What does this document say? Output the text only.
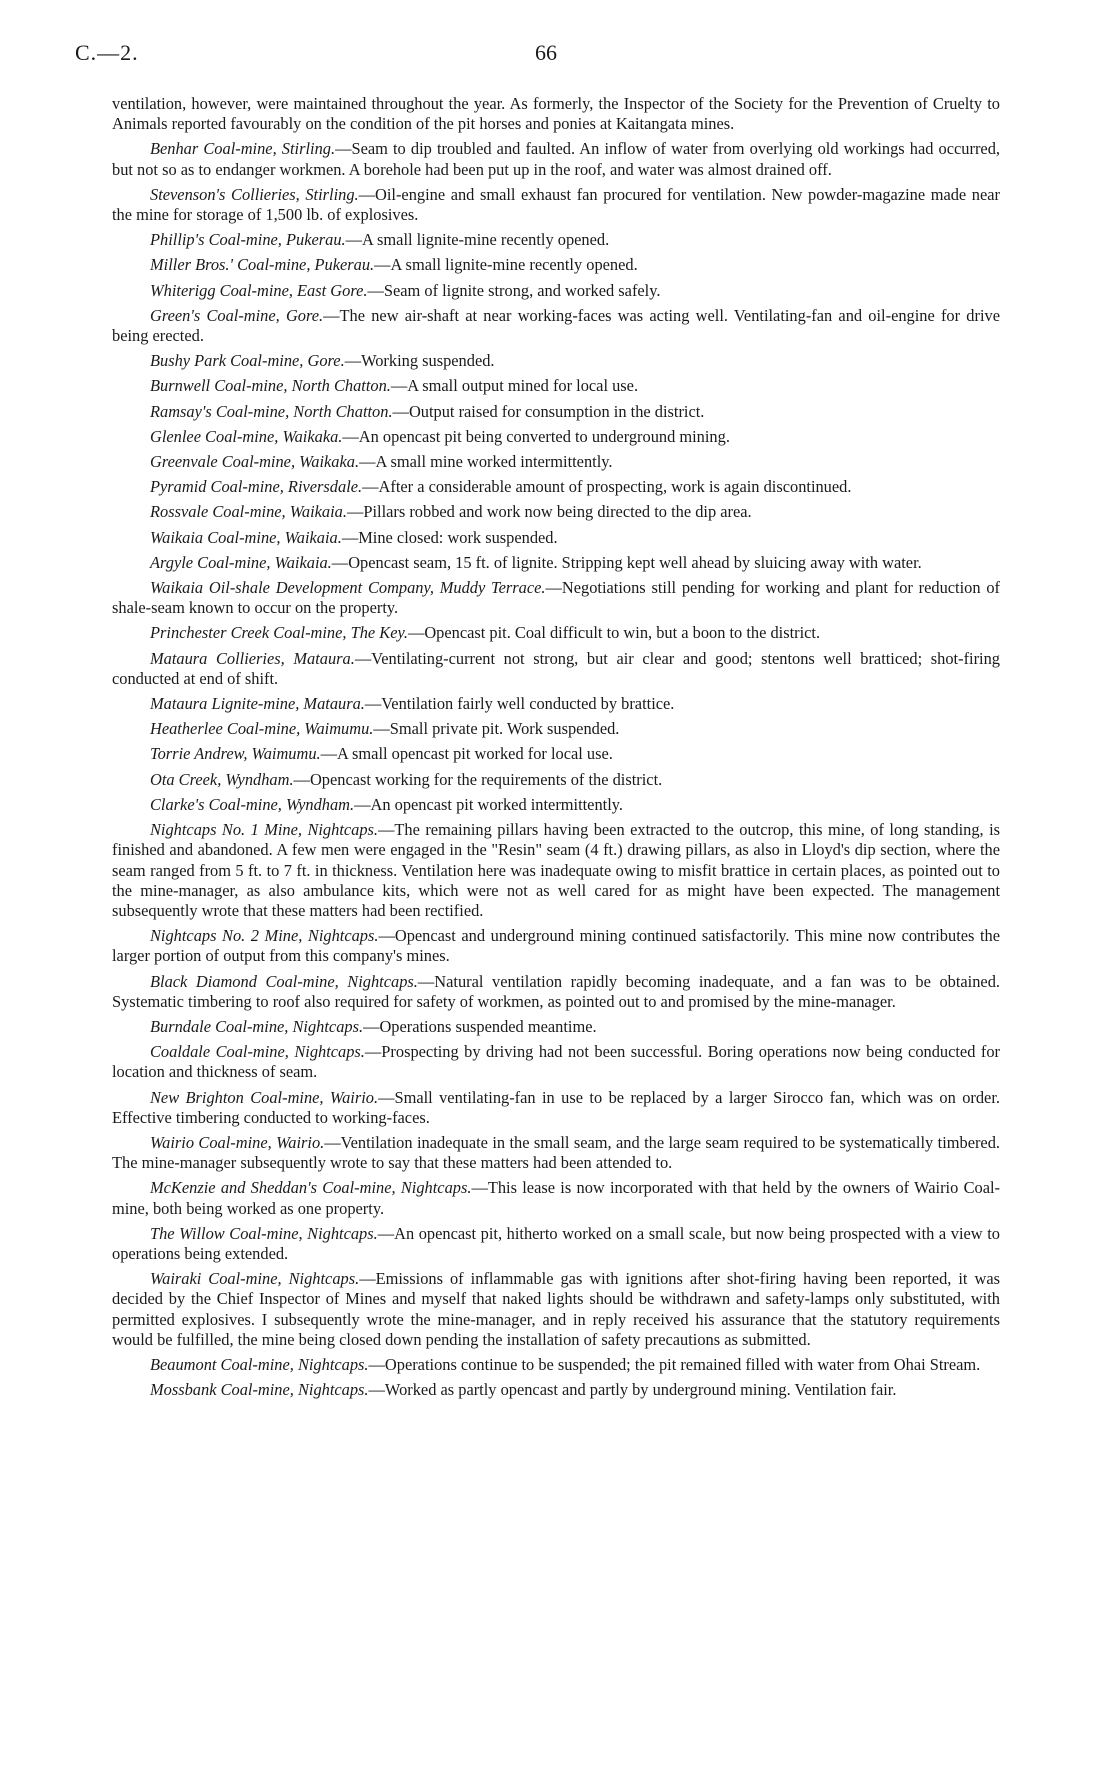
C.—2.	66

ventilation, however, were maintained throughout the year. As formerly, the Inspector of the Society for the Prevention of Cruelty to Animals reported favourably on the condition of the pit horses and ponies at Kaitangata mines.

Benhar Coal-mine, Stirling.—Seam to dip troubled and faulted. An inflow of water from overlying old workings had occurred, but not so as to endanger workmen. A borehole had been put up in the roof, and water was almost drained off.

Stevenson's Collieries, Stirling.—Oil-engine and small exhaust fan procured for ventilation. New powder-magazine made near the mine for storage of 1,500 lb. of explosives.

Phillip's Coal-mine, Pukerau.—A small lignite-mine recently opened.

Miller Bros.' Coal-mine, Pukerau.—A small lignite-mine recently opened.

Whiterigg Coal-mine, East Gore.—Seam of lignite strong, and worked safely.

Green's Coal-mine, Gore.—The new air-shaft at near working-faces was acting well. Ventilating-fan and oil-engine for drive being erected.

Bushy Park Coal-mine, Gore.—Working suspended.

Burnwell Coal-mine, North Chatton.—A small output mined for local use.

Ramsay's Coal-mine, North Chatton.—Output raised for consumption in the district.

Glenlee Coal-mine, Waikaka.—An opencast pit being converted to underground mining.

Greenvale Coal-mine, Waikaka.—A small mine worked intermittently.

Pyramid Coal-mine, Riversdale.—After a considerable amount of prospecting, work is again discontinued.

Rossvale Coal-mine, Waikaia.—Pillars robbed and work now being directed to the dip area.

Waikaia Coal-mine, Waikaia.—Mine closed: work suspended.

Argyle Coal-mine, Waikaia.—Opencast seam, 15 ft. of lignite. Stripping kept well ahead by sluicing away with water.

Waikaia Oil-shale Development Company, Muddy Terrace.—Negotiations still pending for working and plant for reduction of shale-seam known to occur on the property.

Princhester Creek Coal-mine, The Key.—Opencast pit. Coal difficult to win, but a boon to the district.

Mataura Collieries, Mataura.—Ventilating-current not strong, but air clear and good; stentons well bratticed; shot-firing conducted at end of shift.

Mataura Lignite-mine, Mataura.—Ventilation fairly well conducted by brattice.

Heatherlee Coal-mine, Waimumu.—Small private pit. Work suspended.

Torrie Andrew, Waimumu.—A small opencast pit worked for local use.

Ota Creek, Wyndham.—Opencast working for the requirements of the district.

Clarke's Coal-mine, Wyndham.—An opencast pit worked intermittently.

Nightcaps No. 1 Mine, Nightcaps.—The remaining pillars having been extracted to the outcrop, this mine, of long standing, is finished and abandoned. A few men were engaged in the "Resin" seam (4 ft.) drawing pillars, as also in Lloyd's dip section, where the seam ranged from 5 ft. to 7 ft. in thickness. Ventilation here was inadequate owing to misfit brattice in certain places, as pointed out to the mine-manager, as also ambulance kits, which were not as well cared for as might have been expected. The management subsequently wrote that these matters had been rectified.

Nightcaps No. 2 Mine, Nightcaps.—Opencast and underground mining continued satisfactorily. This mine now contributes the larger portion of output from this company's mines.

Black Diamond Coal-mine, Nightcaps.—Natural ventilation rapidly becoming inadequate, and a fan was to be obtained. Systematic timbering to roof also required for safety of workmen, as pointed out to and promised by the mine-manager.

Burndale Coal-mine, Nightcaps.—Operations suspended meantime.

Coaldale Coal-mine, Nightcaps.—Prospecting by driving had not been successful. Boring operations now being conducted for location and thickness of seam.

New Brighton Coal-mine, Wairio.—Small ventilating-fan in use to be replaced by a larger Sirocco fan, which was on order. Effective timbering conducted to working-faces.

Wairio Coal-mine, Wairio.—Ventilation inadequate in the small seam, and the large seam required to be systematically timbered. The mine-manager subsequently wrote to say that these matters had been attended to.

McKenzie and Sheddan's Coal-mine, Nightcaps.—This lease is now incorporated with that held by the owners of Wairio Coal-mine, both being worked as one property.

The Willow Coal-mine, Nightcaps.—An opencast pit, hitherto worked on a small scale, but now being prospected with a view to operations being extended.

Wairaki Coal-mine, Nightcaps.—Emissions of inflammable gas with ignitions after shot-firing having been reported, it was decided by the Chief Inspector of Mines and myself that naked lights should be withdrawn and safety-lamps only substituted, with permitted explosives. I subsequently wrote the mine-manager, and in reply received his assurance that the statutory requirements would be fulfilled, the mine being closed down pending the installation of safety precautions as submitted.

Beaumont Coal-mine, Nightcaps.—Operations continue to be suspended; the pit remained filled with water from Ohai Stream.

Mossbank Coal-mine, Nightcaps.—Worked as partly opencast and partly by underground mining. Ventilation fair.
